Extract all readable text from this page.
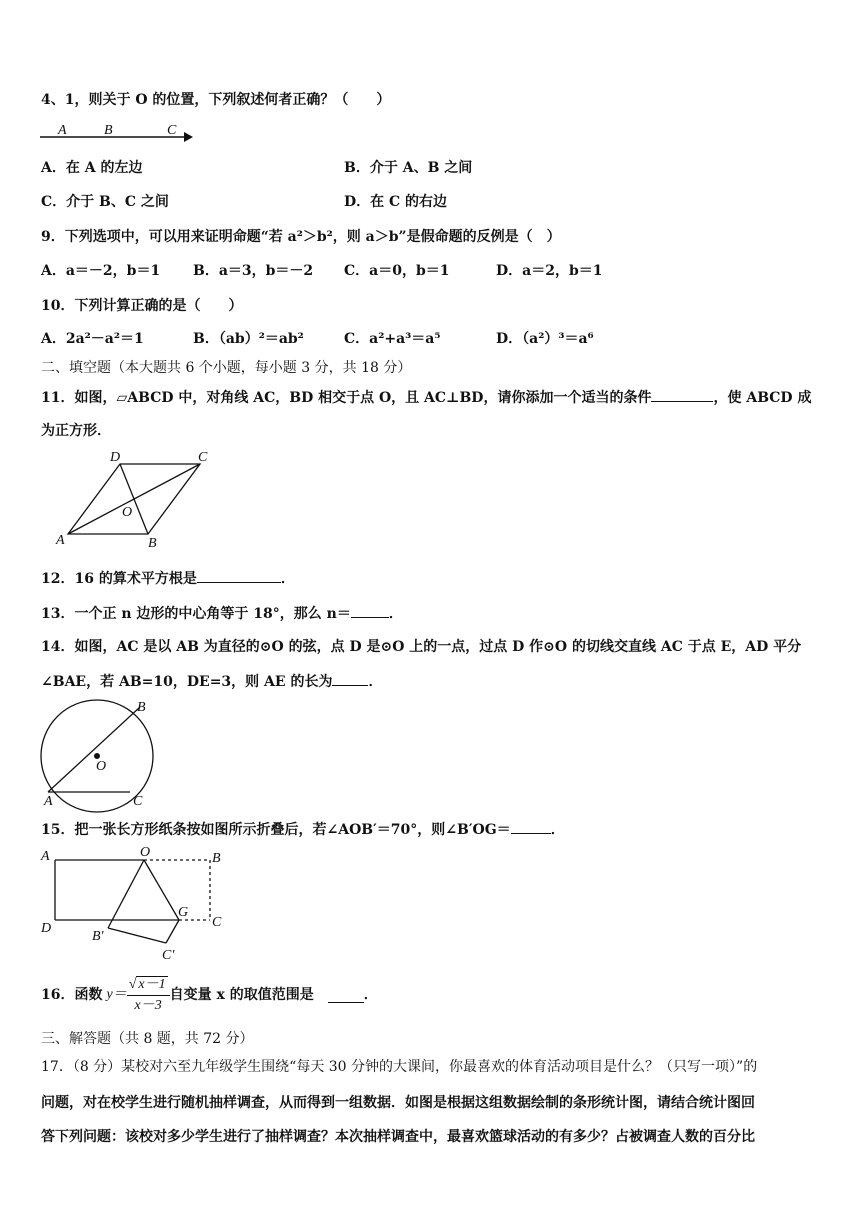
4、1，则关于 O 的位置，下列叙述何者正确？（　　）
A	B	C
A．在 A 的左边	B．介于 A、B 之间
C．介于 B、C 之间	D．在 C 的右边
9．下列选项中，可以用来证明命题“若 a²＞b²，则 a＞b”是假命题的反例是（　）
A．a＝－2，b＝1 B．a＝3，b＝－2 C．a＝0，b＝1	D．a＝2，b＝1
10．下列计算正确的是（　　）
A．2a²－a²＝1	B．（ab）²＝ab²	C．a²+a³＝a⁵	D．（a²）³＝a⁶
二、填空题（本大题共 6 个小题，每小题 3 分，共 18 分）
11．如图，▱ABCD 中，对角线 AC，BD 相交于点 O，且 AC⊥BD，请你添加一个适当的条件	，使 ABCD 成
为正方形．
D	C
O
A	B
12．16 的算术平方根是	．
13．一个正 n 边形的中心角等于 18°，那么 n＝	．
14．如图，AC 是以 AB 为直径的⊙O 的弦，点 D 是⊙O 上的一点，过点 D 作⊙O 的切线交直线 AC 于点 E，AD 平分
∠BAE，若 AB=10，DE=3，则 AE 的长为	．
B
O
A	C
15．把一张长方形纸条按如图所示折叠后，若∠AOB′＝70°，则∠B′OG＝	．
A	O	B
D
B′
G
C
C′
16．函数 $y= \frac{√ x-1}{x-3}$ 自变量 x 的取值范围是	．
三、解答题（共 8 题，共 72 分）
17．（8 分）某校对六至九年级学生围绕“每天 30 分钟的大课间，你最喜欢的体育活动项目是什么？（只写一项）”的
问题，对在校学生进行随机抽样调查，从而得到一组数据．如图是根据这组数据绘制的条形统计图，请结合统计图回
答下列问题：该校对多少学生进行了抽样调查？本次抽样调查中，最喜欢篮球活动的有多少？占被调查人数的百分比
